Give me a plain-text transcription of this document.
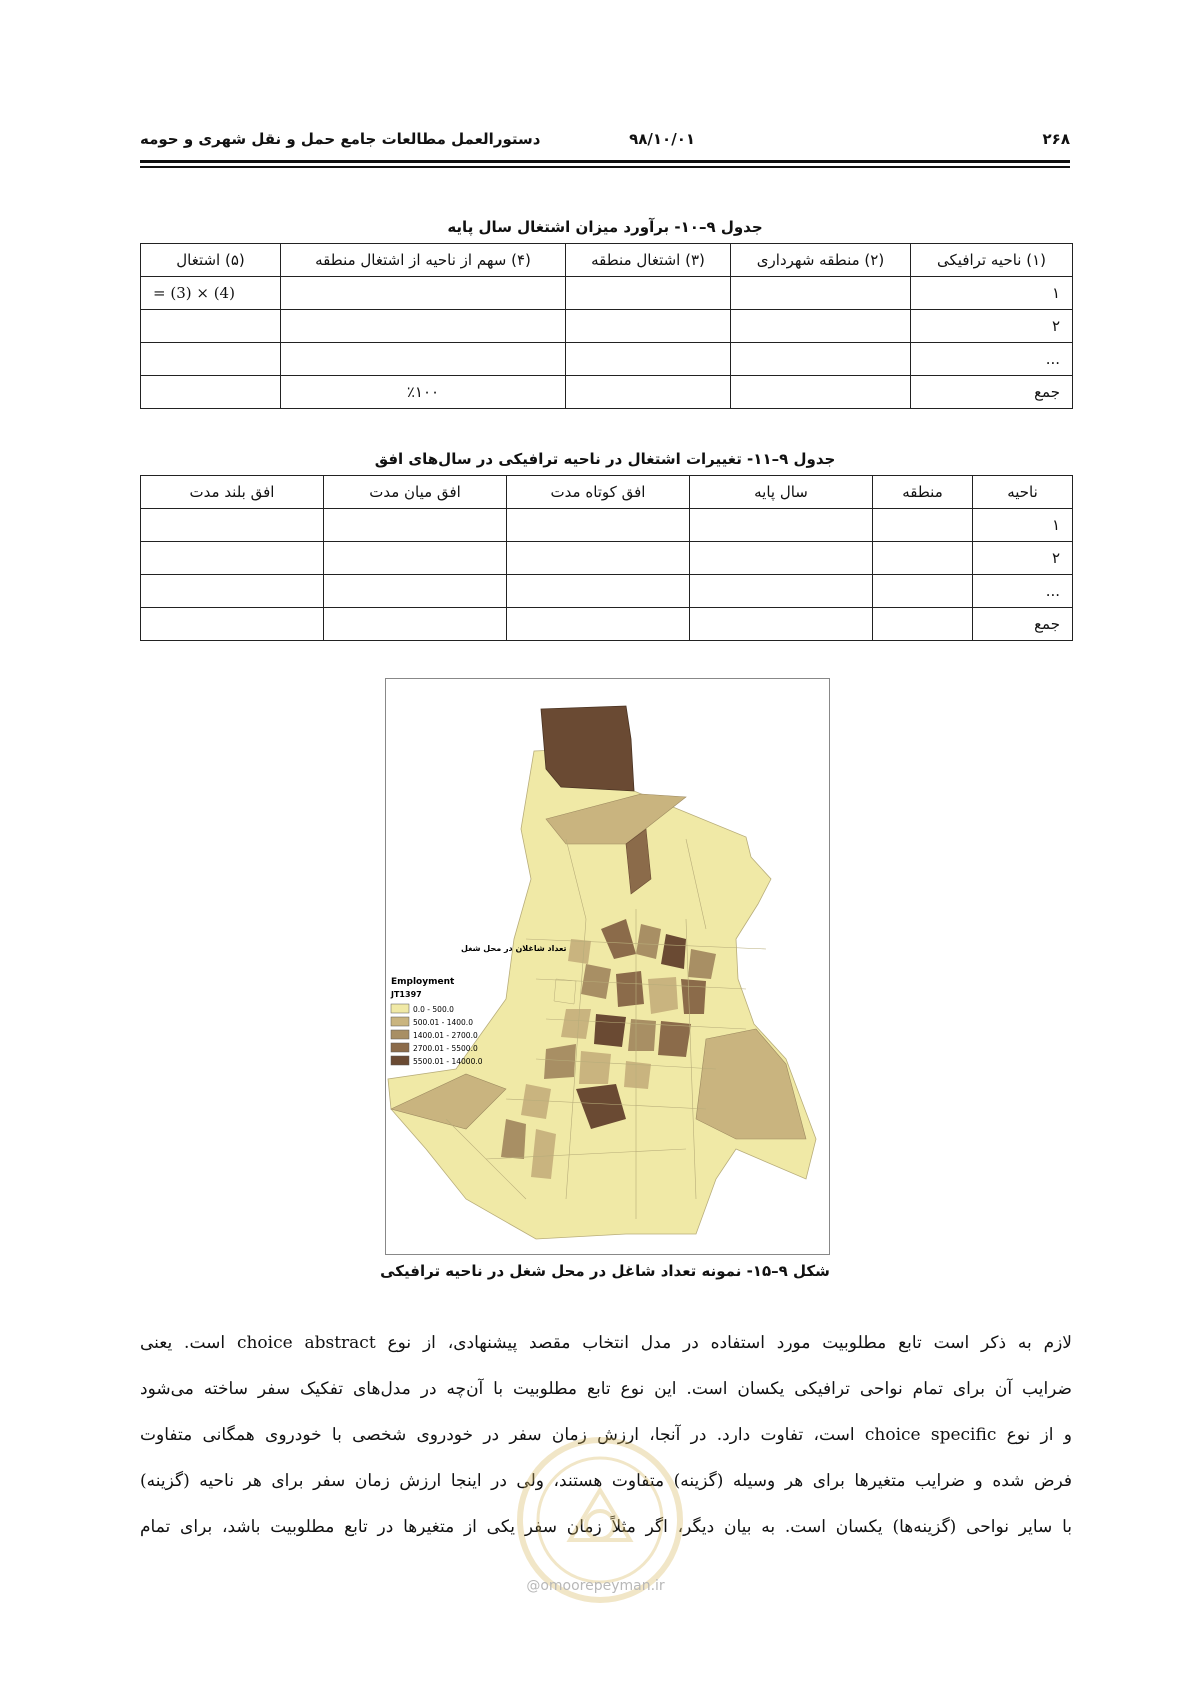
۲۶۸
۹۸/۱۰/۰۱
دستورالعمل مطالعات جامع حمل و نقل شهری و حومه
جدول ۹–۱۰- برآورد میزان اشتغال سال پایه
(۱) ناحیه ترافیکی	(۲) منطقه شهرداری	(۳) اشتغال منطقه	(۴) سهم از ناحیه از اشتغال منطقه	(۵) اشتغال
۱				= (3) × (4)
۲				
...				
جمع			٪۱۰۰	
جدول ۹–۱۱- تغییرات اشتغال در ناحیه ترافیکی در سال‌های افق
ناحیه	منطقه	سال پایه	افق کوتاه مدت	افق میان مدت	افق بلند مدت
۱					
۲					
...					
جمع					
تعداد شاغلان در محل شغل
Employment
JT1397
0.0 - 500.0
500.01 - 1400.0
1400.01 - 2700.0
2700.01 - 5500.0
5500.01 - 14000.0
شکل ۹–۱۵- نمونه تعداد شاغل در محل شغل در ناحیه ترافیکی

لازم به ذکر است تابع مطلوبیت مورد استفاده در مدل انتخاب مقصد پیشنهادی، از نوع choice abstract است. یعنی

ضرایب آن برای تمام نواحی ترافیکی یکسان است. این نوع تابع مطلوبیت با آن‌چه در مدل‌های تفکیک سفر ساخته می‌شود

و از نوع choice specific است، تفاوت دارد. در آنجا، ارزش زمان سفر در خودروی شخصی با خودروی همگانی متفاوت

فرض شده و ضرایب متغیرها برای هر وسیله (گزینه) متفاوت هستند، ولی در اینجا ارزش زمان سفر برای هر ناحیه (گزینه)

با سایر نواحی (گزینه‌ها) یکسان است. به بیان دیگر، اگر مثلاً زمان سفر یکی از متغیرها در تابع مطلوبیت باشد، برای تمام

@omoorepeyman.ir
